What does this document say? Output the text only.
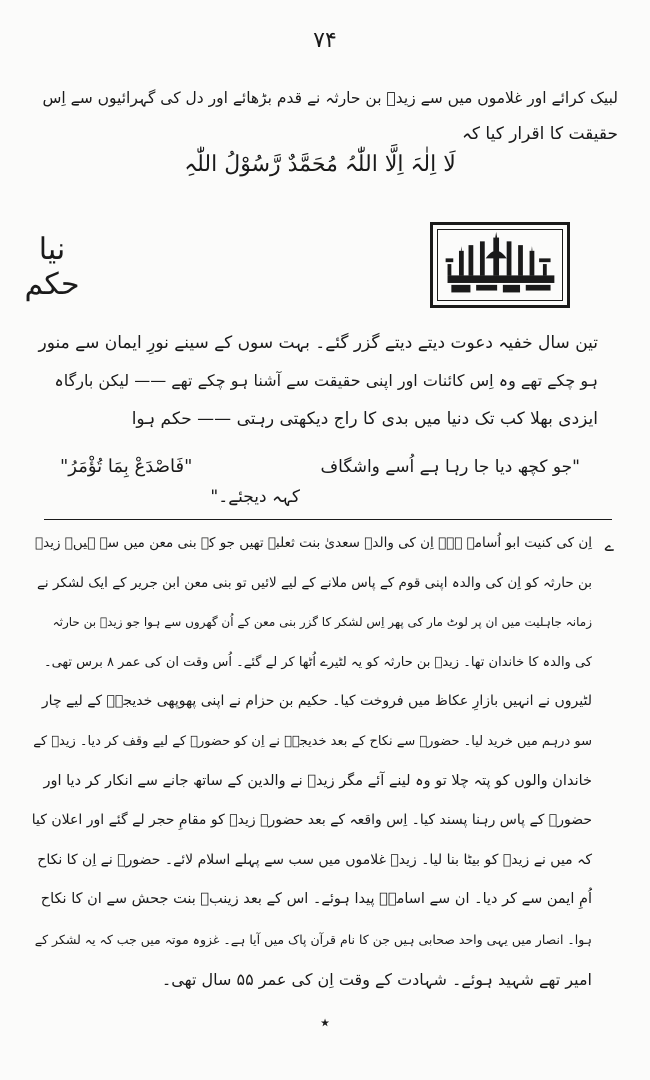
۷۴

لبیک کرائے اور غلاموں میں سے زیدؓ بن حارثہ نے قدم بڑھائے اور دل کی گہرائیوں سے اِس

حقیقت کا اقرار کیا کہ

لَا اِلٰہَ اِلَّا اللّٰہُ مُحَمَّدٌ رَّسُوْلُ اللّٰہِ
نیا حکم

تین سال خفیہ دعوت دیتے دیتے گزر گئے۔ بہت سوں کے سینے نورِ ایمان سے منور

ہو چکے تھے وہ اِس کائنات اور اپنی حقیقت سے آشنا ہو چکے تھے —— لیکن بارگاہ

ایزدی بھلا کب تک دنیا میں بدی کا راج دیکھتی رہتی —— حکم ہوا

"جو کچھ دیا جا رہا ہے اُسے واشگاف
"فَاصْدَعْ بِمَا تُؤْمَرُ"
کہہ دیجئے۔"
ے

اِن کی کنیت ابو اُسامہ ہے۔ اِن کی والدہ سعدیٰ بنت ثعلبہ تھیں جو کہ بنی معن میں سے ہیں۔ زیدؓ

بن حارثہ کو اِن کی والدہ اپنی قوم کے پاس ملانے کے لیے لائیں تو بنی معن ابن جریر کے ایک لشکر نے

زمانہ جاہلیت میں ان پر لوٹ مار کی پھر اِس لشکر کا گزر بنی معن کے اُن گھروں سے ہوا جو زیدؓ بن حارثہ

کی والدہ کا خاندان تھا۔ زیدؓ بن حارثہ کو یہ لٹیرے اُٹھا کر لے گئے۔ اُس وقت ان کی عمر ۸ برس تھی۔

لٹیروں نے انہیں بازارِ عکاظ میں فروخت کیا۔ حکیم بن حزام نے اپنی پھوپھی خدیجہؓ کے لیے چار

سو درہم میں خرید لیا۔ حضورؐ سے نکاح کے بعد خدیجہؓ نے اِن کو حضورؐ کے لیے وقف کر دیا۔ زیدؓ کے

خاندان والوں کو پتہ چلا تو وہ لینے آئے مگر زیدؓ نے والدین کے ساتھ جانے سے انکار کر دیا اور

حضورؐ کے پاس رہنا پسند کیا۔ اِس واقعہ کے بعد حضورؐ زیدؓ کو مقامِ حجر لے گئے اور اعلان کیا

کہ میں نے زیدؓ کو بیٹا بنا لیا۔ زیدؓ غلاموں میں سب سے پہلے اسلام لائے۔ حضورؐ نے اِن کا نکاح

اُمِ ایمن سے کر دیا۔ ان سے اسامہؓ پیدا ہوئے۔ اس کے بعد زینبؓ بنت جحش سے ان کا نکاح

ہوا۔ انصار میں یہی واحد صحابی ہیں جن کا نام قرآن پاک میں آیا ہے۔ غزوہ موتہ میں جب کہ یہ لشکر کے

امیر تھے شہید ہوئے۔ شہادت کے وقت اِن کی عمر ۵۵ سال تھی۔

٭
